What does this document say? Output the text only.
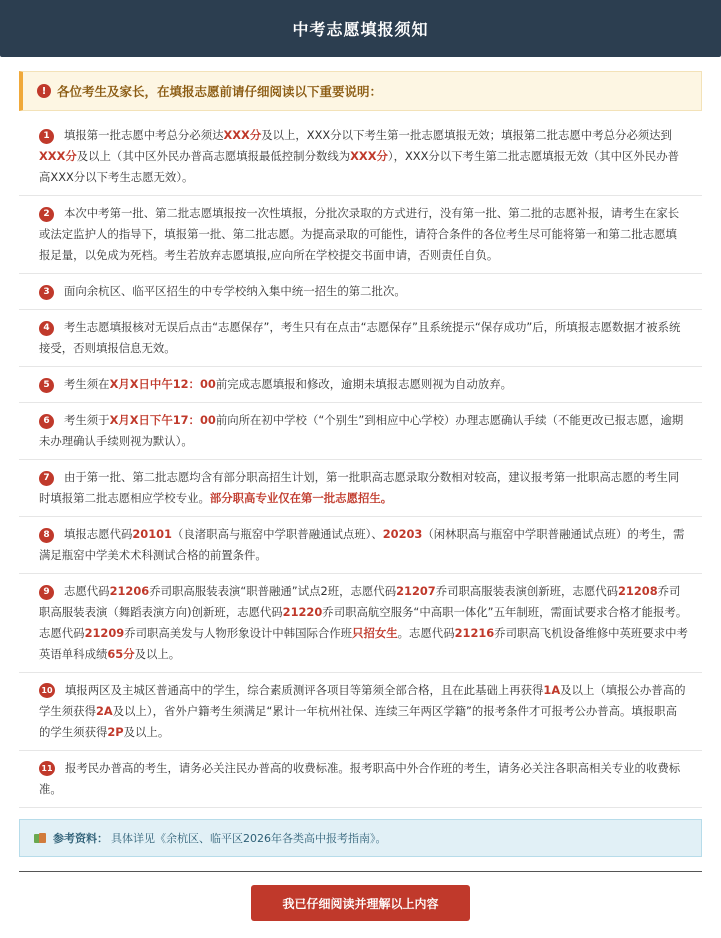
中考志愿填报须知
! 各位考生及家长，在填报志愿前请仔细阅读以下重要说明：
1 填报第一批志愿中考总分必须达XXX分及以上，XXX分以下考生第一批志愿填报无效；填报第二批志愿中考总分必须达到XXX分及以上（其中区外民办普高志愿填报最低控制分数线为XXX分），XXX分以下考生第二批志愿填报无效（其中区外民办普高XXX分以下考生志愿无效）。
2 本次中考第一批、第二批志愿填报按一次性填报，分批次录取的方式进行，没有第一批、第二批的志愿补报，请考生在家长或法定监护人的指导下，填报第一批、第二批志愿。为提高录取的可能性，请符合条件的各位考生尽可能将第一和第二批志愿填报足量，以免成为死档。考生若放弃志愿填报,应向所在学校提交书面申请，否则责任自负。
3 面向余杭区、临平区招生的中专学校纳入集中统一招生的第二批次。
4 考生志愿填报核对无误后点击“志愿保存”，考生只有在点击“志愿保存”且系统提示“保存成功”后，所填报志愿数据才被系统接受，否则填报信息无效。
5 考生须在X月X日中午12：00前完成志愿填报和修改，逾期未填报志愿则视为自动放弃。
6 考生须于X月X日下午17：00前向所在初中学校（“个别生”到相应中心学校）办理志愿确认手续（不能更改已报志愿，逾期未办理确认手续则视为默认）。
7 由于第一批、第二批志愿均含有部分职高招生计划，第一批职高志愿录取分数相对较高，建议报考第一批职高志愿的考生同时填报第二批志愿相应学校专业。部分职高专业仅在第一批志愿招生。
8 填报志愿代码20101（良渚职高与瓶窑中学职普融通试点班）、20203（闲林职高与瓶窑中学职普融通试点班）的考生，需满足瓶窑中学美术术科测试合格的前置条件。
9 志愿代码21206乔司职高服装表演“职普融通”试点2班，志愿代码21207乔司职高服装表演创新班，志愿代码21208乔司职高服装表演（舞蹈表演方向)创新班，志愿代码21220乔司职高航空服务“中高职一体化”五年制班，需面试要求合格才能报考。志愿代码21209乔司职高美发与人物形象设计中韩国际合作班只招女生。志愿代码21216乔司职高飞机设备维修中英班要求中考英语单科成绩65分及以上。
10 填报两区及主城区普通高中的学生，综合素质测评各项目等第须全部合格，且在此基础上再获得1A及以上（填报公办普高的学生须获得2A及以上），省外户籍考生须满足“累计一年杭州社保、连续三年两区学籍”的报考条件才可报考公办普高。填报职高的学生须获得2P及以上。
11 报考民办普高的考生，请务必关注民办普高的收费标准。报考职高中外合作班的考生，请务必关注各职高相关专业的收费标准。
参考资料： 具体详见《余杭区、临平区2026年各类高中报考指南》。
我已仔细阅读并理解以上内容
